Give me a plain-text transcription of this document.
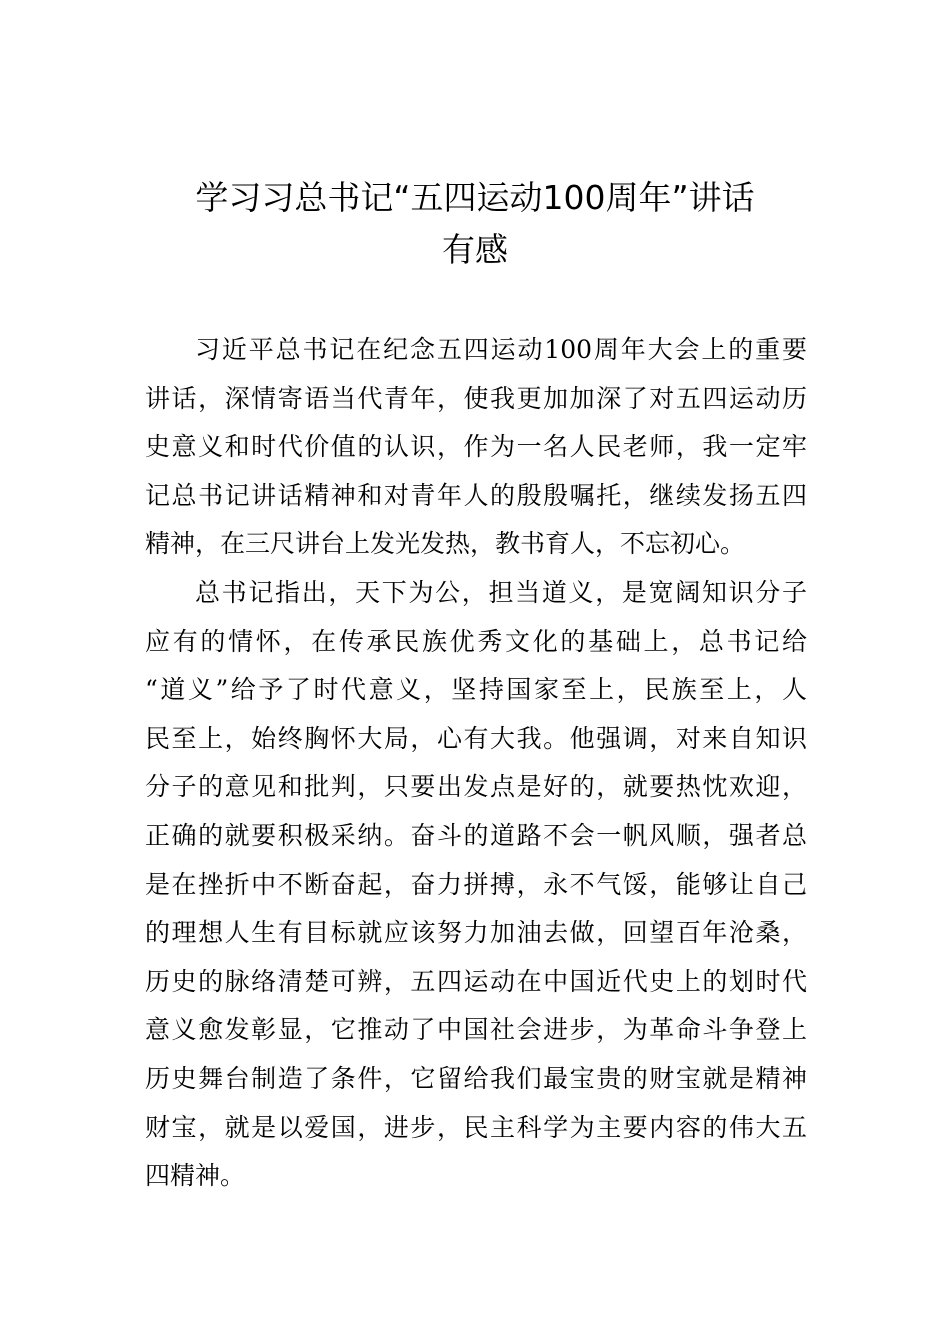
学习习总书记“五四运动100周年”讲话
有感

习近平总书记在纪念五四运动100周年大会上的重要
讲话，深情寄语当代青年，使我更加加深了对五四运动历
史意义和时代价值的认识，作为一名人民老师，我一定牢
记总书记讲话精神和对青年人的殷殷嘱托，继续发扬五四
精神，在三尺讲台上发光发热，教书育人，不忘初心。

总书记指出，天下为公，担当道义，是宽阔知识分子
应有的情怀，在传承民族优秀文化的基础上，总书记给
“道义”给予了时代意义，坚持国家至上，民族至上，人
民至上，始终胸怀大局，心有大我。他强调，对来自知识
分子的意见和批判，只要出发点是好的，就要热忱欢迎，
正确的就要积极采纳。奋斗的道路不会一帆风顺，强者总
是在挫折中不断奋起，奋力拼搏，永不气馁，能够让自己
的理想人生有目标就应该努力加油去做，回望百年沧桑，
历史的脉络清楚可辨，五四运动在中国近代史上的划时代
意义愈发彰显，它推动了中国社会进步，为革命斗争登上
历史舞台制造了条件，它留给我们最宝贵的财宝就是精神
财宝，就是以爱国，进步，民主科学为主要内容的伟大五
四精神。
